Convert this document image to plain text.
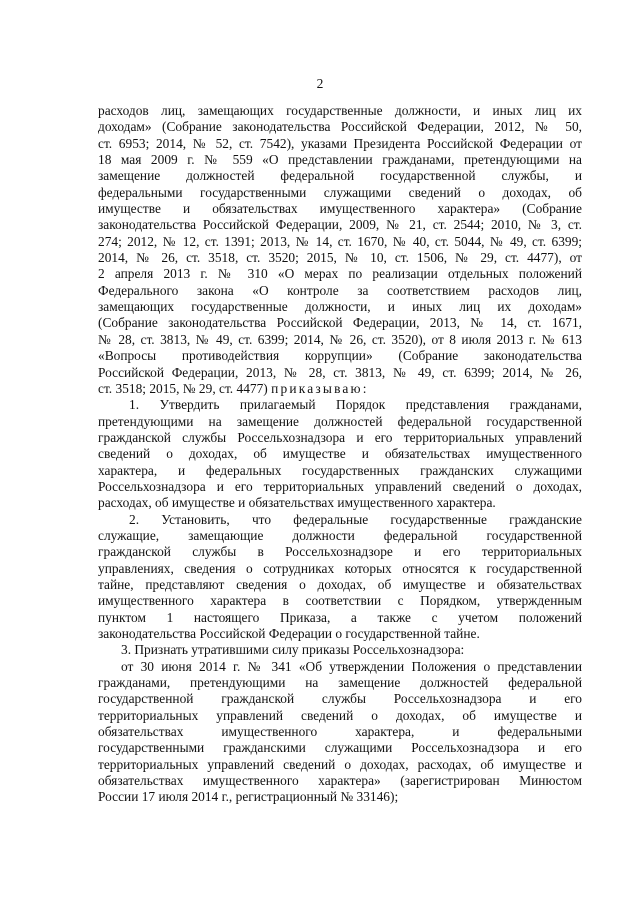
2

расходов лиц, замещающих государственные должности, и иных лиц их
доходам» (Собрание законодательства Российской Федерации, 2012, № 50,
ст. 6953; 2014, № 52, ст. 7542), указами Президента Российской Федерации от
18 мая 2009 г. № 559 «О представлении гражданами, претендующими на
замещение должностей федеральной государственной службы, и
федеральными государственными служащими сведений о доходах, об
имуществе и обязательствах имущественного характера» (Собрание
законодательства Российской Федерации, 2009, № 21, ст. 2544; 2010, № 3, ст.
274; 2012, № 12, ст. 1391; 2013, № 14, ст. 1670, № 40, ст. 5044, № 49, ст. 6399;
2014, № 26, ст. 3518, ст. 3520; 2015, № 10, ст. 1506, № 29, ст. 4477), от
2 апреля 2013 г. № 310 «О мерах по реализации отдельных положений
Федерального закона «О контроле за соответствием расходов лиц,
замещающих государственные должности, и иных лиц их доходам»
(Собрание законодательства Российской Федерации, 2013, № 14, ст. 1671,
№ 28, ст. 3813, № 49, ст. 6399; 2014, № 26, ст. 3520), от 8 июля 2013 г. № 613
«Вопросы противодействия коррупции» (Собрание законодательства
Российской Федерации, 2013, № 28, ст. 3813, № 49, ст. 6399; 2014, № 26,
ст. 3518; 2015, № 29, ст. 4477) приказываю:

1. Утвердить прилагаемый Порядок представления гражданами,
претендующими на замещение должностей федеральной государственной
гражданской службы Россельхознадзора и его территориальных управлений
сведений о доходах, об имуществе и обязательствах имущественного
характера, и федеральных государственных гражданских служащими
Россельхознадзора и его территориальных управлений сведений о доходах,
расходах, об имуществе и обязательствах имущественного характера.

2. Установить, что федеральные государственные гражданские
служащие, замещающие должности федеральной государственной
гражданской службы в Россельхознадзоре и его территориальных
управлениях, сведения о сотрудниках которых относятся к государственной
тайне, представляют сведения о доходах, об имуществе и обязательствах
имущественного характера в соответствии с Порядком, утвержденным
пунктом 1 настоящего Приказа, а также с учетом положений
законодательства Российской Федерации о государственной тайне.

3. Признать утратившими силу приказы Россельхознадзора:

от 30 июня 2014 г. № 341 «Об утверждении Положения о представлении
гражданами, претендующими на замещение должностей федеральной
государственной гражданской службы Россельхознадзора и его
территориальных управлений сведений о доходах, об имуществе и
обязательствах имущественного характера, и федеральными
государственными гражданскими служащими Россельхознадзора и его
территориальных управлений сведений о доходах, расходах, об имуществе и
обязательствах имущественного характера» (зарегистрирован Минюстом
России 17 июля 2014 г., регистрационный № 33146);
